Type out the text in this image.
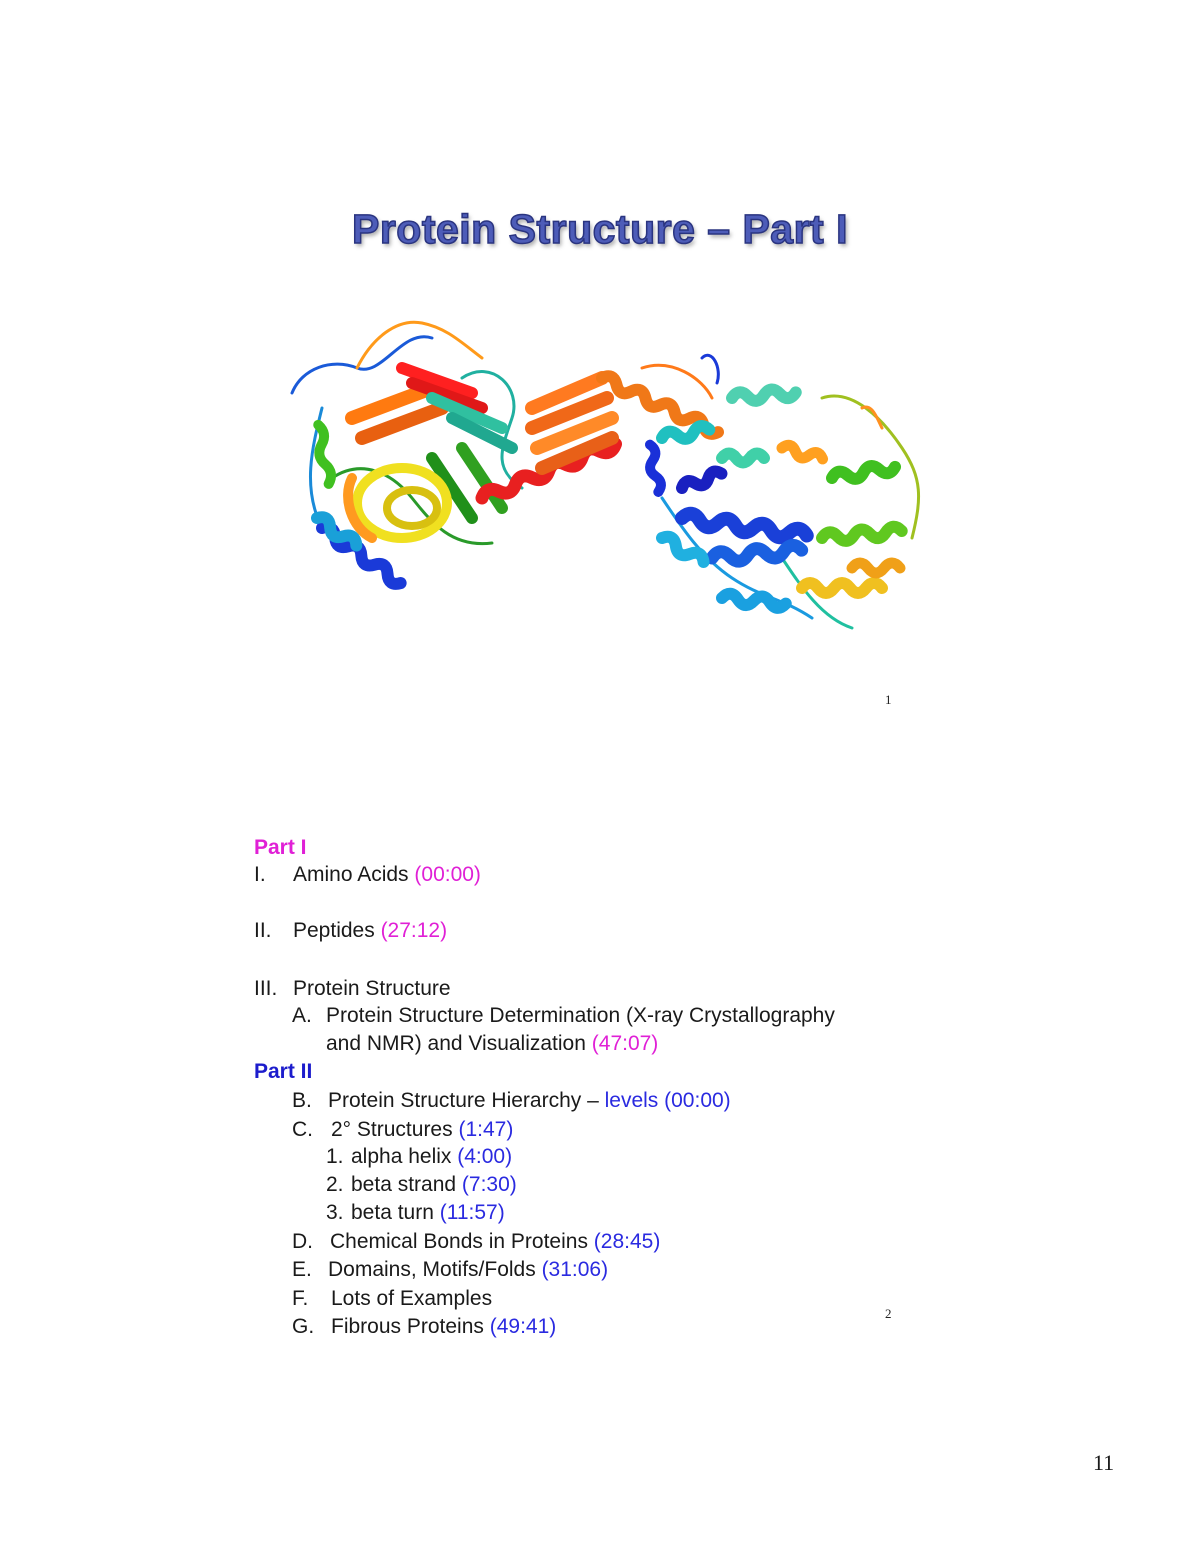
Protein Structure – Part I
1
Part I
I. Amino Acids (00:00)
II. Peptides (27:12)
III. Protein Structure
A. Protein Structure Determination (X-ray Crystallography
and NMR) and Visualization (47:07)
Part II
B. Protein Structure Hierarchy – levels (00:00)
C. 2° Structures (1:47)
1. alpha helix (4:00)
2. beta strand (7:30)
3. beta turn (11:57)
D. Chemical Bonds in Proteins (28:45)
E. Domains, Motifs/Folds (31:06)
F. Lots of Examples
G. Fibrous Proteins (49:41)
2
11
